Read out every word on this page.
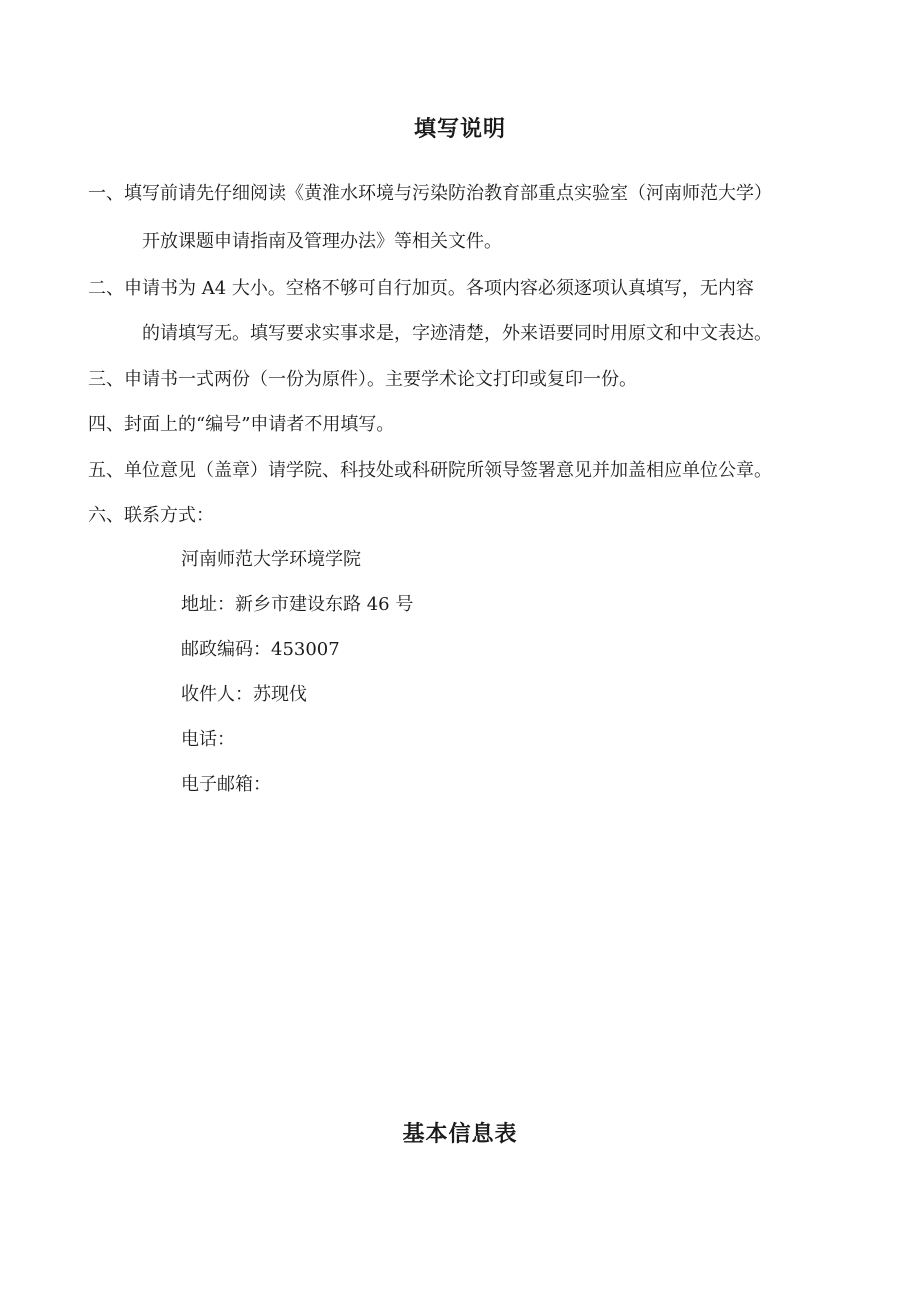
填写说明
一、填写前请先仔细阅读《黄淮水环境与污染防治教育部重点实验室（河南师范大学）
开放课题申请指南及管理办法》等相关文件。
二、申请书为 A4 大小。空格不够可自行加页。各项内容必须逐项认真填写，无内容
的请填写无。填写要求实事求是，字迹清楚，外来语要同时用原文和中文表达。
三、申请书一式两份（一份为原件）。主要学术论文打印或复印一份。
四、封面上的“编号”申请者不用填写。
五、单位意见（盖章）请学院、科技处或科研院所领导签署意见并加盖相应单位公章。
六、联系方式：
河南师范大学环境学院
地址：新乡市建设东路 46 号
邮政编码：453007
收件人：苏现伐
电话：
电子邮箱：
基本信息表
